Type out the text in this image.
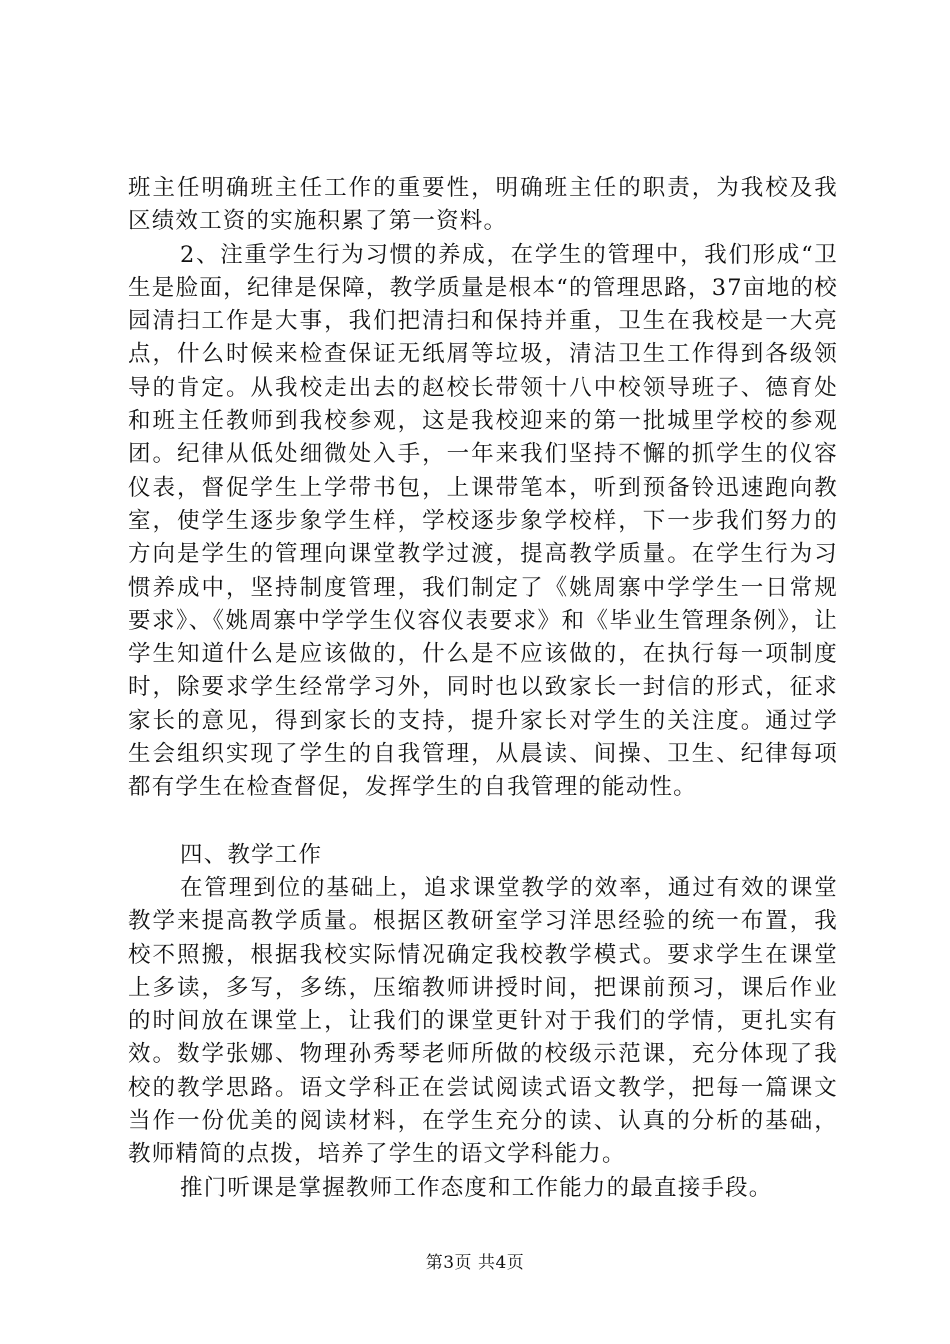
班主任明确班主任工作的重要性，明确班主任的职责，为我校及我区绩效工资的实施积累了第一资料。

2、注重学生行为习惯的养成，在学生的管理中，我们形成“卫生是脸面，纪律是保障，教学质量是根本“的管理思路，37亩地的校园清扫工作是大事，我们把清扫和保持并重，卫生在我校是一大亮点，什么时候来检查保证无纸屑等垃圾，清洁卫生工作得到各级领导的肯定。从我校走出去的赵校长带领十八中校领导班子、德育处和班主任教师到我校参观，这是我校迎来的第一批城里学校的参观团。纪律从低处细微处入手，一年来我们坚持不懈的抓学生的仪容仪表，督促学生上学带书包，上课带笔本，听到预备铃迅速跑向教室，使学生逐步象学生样，学校逐步象学校样，下一步我们努力的方向是学生的管理向课堂教学过渡，提高教学质量。在学生行为习惯养成中，坚持制度管理，我们制定了《姚周寨中学学生一日常规要求》、《姚周寨中学学生仪容仪表要求》和《毕业生管理条例》，让学生知道什么是应该做的，什么是不应该做的，在执行每一项制度时，除要求学生经常学习外，同时也以致家长一封信的形式，征求家长的意见，得到家长的支持，提升家长对学生的关注度。通过学生会组织实现了学生的自我管理，从晨读、间操、卫生、纪律每项都有学生在检查督促，发挥学生的自我管理的能动性。

四、教学工作

在管理到位的基础上，追求课堂教学的效率，通过有效的课堂教学来提高教学质量。根据区教研室学习洋思经验的统一布置，我校不照搬，根据我校实际情况确定我校教学模式。要求学生在课堂上多读，多写，多练，压缩教师讲授时间，把课前预习，课后作业的时间放在课堂上，让我们的课堂更针对于我们的学情，更扎实有效。数学张娜、物理孙秀琴老师所做的校级示范课，充分体现了我校的教学思路。语文学科正在尝试阅读式语文教学，把每一篇课文当作一份优美的阅读材料，在学生充分的读、认真的分析的基础，教师精简的点拨，培养了学生的语文学科能力。

推门听课是掌握教师工作态度和工作能力的最直接手段。

第3页 共4页
